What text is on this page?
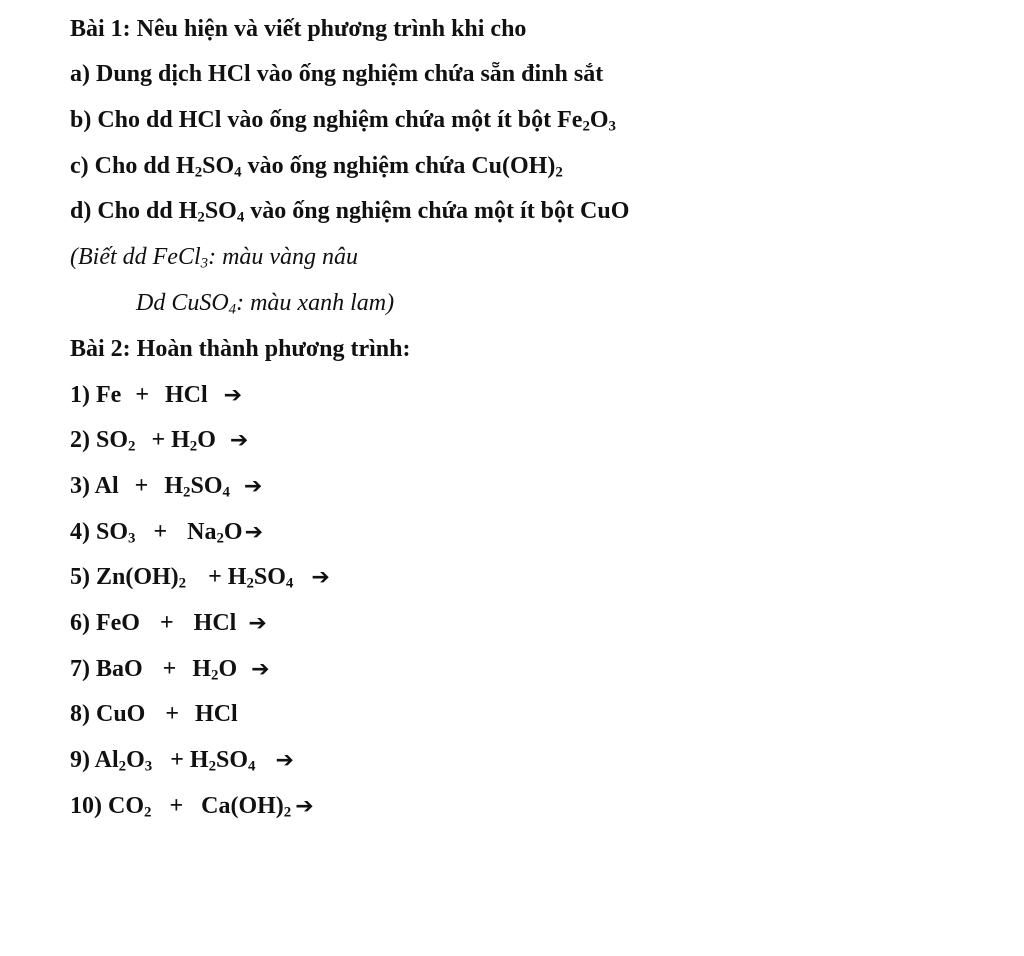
Bài 1: Nêu hiện và viết phương trình khi cho
a) Dung dịch HCl vào ống nghiệm chứa sẵn đinh sắt
b) Cho dd HCl vào ống nghiệm chứa một ít bột $Fe_2O_3$
c) Cho dd $H_2SO_4$ vào ống nghiệm chứa $Cu(OH)_2$
d) Cho dd $H_2SO_4$ vào ống nghiệm chứa một ít bột CuO
(Biết dd FeCl$_3$: màu vàng nâu
Dd CuSO$_4$: màu xanh lam)
Bài 2: Hoàn thành phương trình:
1) Fe + HCl ➔
2) $SO_2 + H_2O$ ➔
3) $Al + H_2SO_4$ ➔
4) $SO_3$ + $Na_2O➔$
5) $Zn(OH)_2 + H_2SO_4$ ➔
6) FeO + HCl ➔
7) BaO + $H_2O$ ➔
8) CuO + HCl
9) $Al_2O_3 + H_2SO_4$ ➔
10) $CO_2 + Ca(OH)_2$ ➔
